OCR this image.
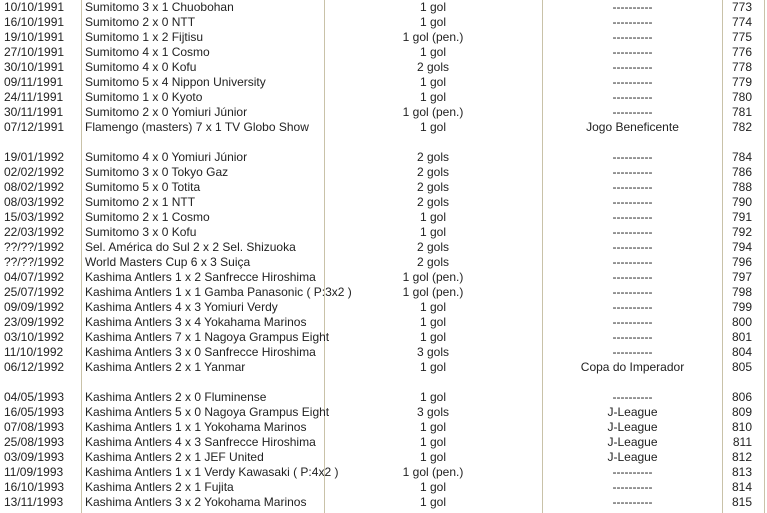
10/10/1991	Sumitomo 3 x 1 Chuobohan	1 gol	----------	773
16/10/1991	Sumitomo 2 x 0 NTT	1 gol	----------	774
19/10/1991	Sumitomo 1 x 2 Fijtisu	1 gol (pen.)	----------	775
27/10/1991	Sumitomo 4 x 1 Cosmo	1 gol	----------	776
30/10/1991	Sumitomo 4 x 0 Kofu	2 gols	----------	778
09/11/1991	Sumitomo 5 x 4 Nippon University	1 gol	----------	779
24/11/1991	Sumitomo 1 x 0 Kyoto	1 gol	----------	780
30/11/1991	Sumitomo 2 x 0 Yomiuri Júnior	1 gol (pen.)	----------	781
07/12/1991	Flamengo (masters) 7 x 1 TV Globo Show	1 gol	Jogo Beneficente	782

19/01/1992	Sumitomo 4 x 0 Yomiuri Júnior	2 gols	----------	784
02/02/1992	Sumitomo 3 x 0 Tokyo Gaz	2 gols	----------	786
08/02/1992	Sumitomo 5 x 0 Totita	2 gols	----------	788
08/03/1992	Sumitomo 2 x 1 NTT	2 gols	----------	790
15/03/1992	Sumitomo 2 x 1 Cosmo	1 gol	----------	791
22/03/1992	Sumitomo 3 x 0 Kofu	1 gol	----------	792
??/??/1992	Sel. América do Sul 2 x 2 Sel. Shizuoka	2 gols	----------	794
??/??/1992	World Masters Cup 6 x 3 Suiça	2 gols	----------	796
04/07/1992	Kashima Antlers 1 x 2 Sanfrecce Hiroshima	1 gol (pen.)	----------	797
25/07/1992	Kashima Antlers 1 x 1 Gamba Panasonic ( P:3x2 )	1 gol (pen.)	----------	798
09/09/1992	Kashima Antlers 4 x 3 Yomiuri Verdy	1 gol	----------	799
23/09/1992	Kashima Antlers 3 x 4 Yokahama Marinos	1 gol	----------	800
03/10/1992	Kashima Antlers 7 x 1 Nagoya Grampus Eight	1 gol	----------	801
11/10/1992	Kashima Antlers 3 x 0 Sanfrecce Hiroshima	3 gols	----------	804
06/12/1992	Kashima Antlers 2 x 1 Yanmar	1 gol	Copa do Imperador	805

04/05/1993	Kashima Antlers 2 x 0 Fluminense	1 gol	----------	806
16/05/1993	Kashima Antlers 5 x 0 Nagoya Grampus Eight	3 gols	J-League	809
07/08/1993	Kashima Antlers 1 x 1 Yokohama Marinos	1 gol	J-League	810
25/08/1993	Kashima Antlers 4 x 3 Sanfrecce Hiroshima	1 gol	J-League	811
03/09/1993	Kashima Antlers 2 x 1 JEF United	1 gol	J-League	812
11/09/1993	Kashima Antlers 1 x 1 Verdy Kawasaki ( P:4x2 )	1 gol (pen.)	----------	813
16/10/1993	Kashima Antlers 2 x 1 Fujita	1 gol	----------	814
13/11/1993	Kashima Antlers 3 x 2 Yokohama Marinos	1 gol	----------	815
